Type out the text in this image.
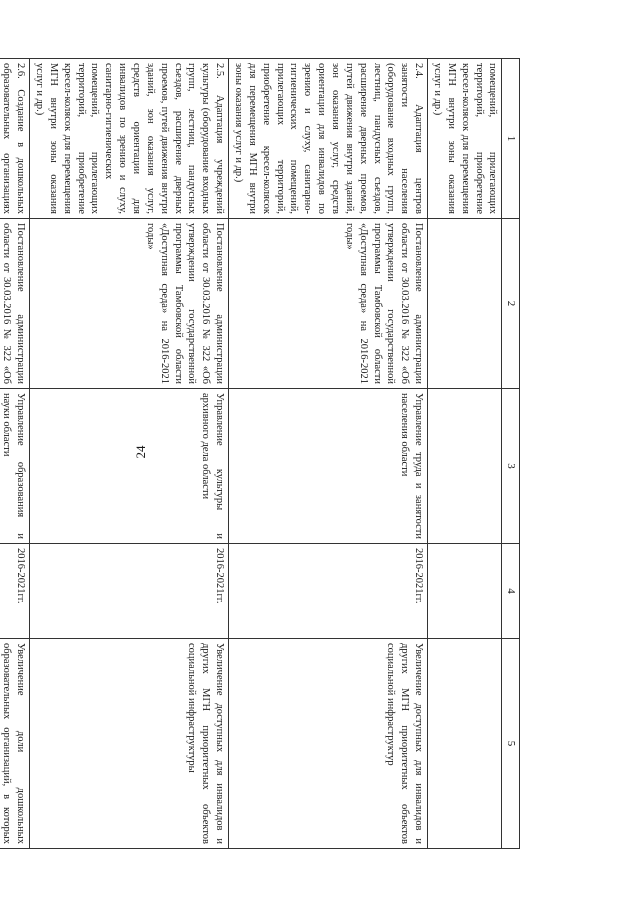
24
1	2	3	4	5
помещений, прилегающих территорий, приобретение кресел-колясок для перемещения МГН внутри зоны оказания услуг и др.)				
2.4. Адаптация центров занятости населения (оборудование входных групп, лестниц, пандусных съездов, расширение дверных проемов, путей движения внутри зданий, зон оказания услуг, средств ориентации для инвалидов по зрению и слуху, санитарно-гигиенических помещений, прилегающих территорий, приобретение кресел-колясок для перемещения МГН внутри зоны оказания услуг и др.)	Постановление администрации области от 30.03.2016 № 322 «Об утверждении государственной программы Тамбовской области «Доступная среда» на 2016-2021 годы»	Управление труда и занятости населения области	2016-2021гг.	Увеличение доступных для инвалидов и других МГН приоритетных объектов социальной инфраструктур
2.5. Адаптация учреждений культуры (оборудование входных групп, лестниц, пандусных съездов, расширение дверных проемов, путей движения внутри зданий, зон оказания услуг, средств ориентации для инвалидов по зрению и слуху, санитарно-гигиенических помещений, прилегающих территорий, приобретение кресел-колясок для перемещения МГН внутри зоны оказания услуг и др.)	Постановление администрации области от 30.03.2016 № 322 «Об утверждении государственной программы Тамбовской области «Доступная среда» на 2016-2021 годы»	Управление культуры и архивного дела области	2016-2021гг.	Увеличение доступных для инвалидов и других МГН приоритетных объектов социальной инфраструктуры
2.6. Создание в дошкольных образовательных организациях	Постановление администрации области от 30.03.2016 № 322 «Об	Управление образования и науки области	2016-2021гг.	Увеличение доли дошкольных образовательных организаций, в которых
